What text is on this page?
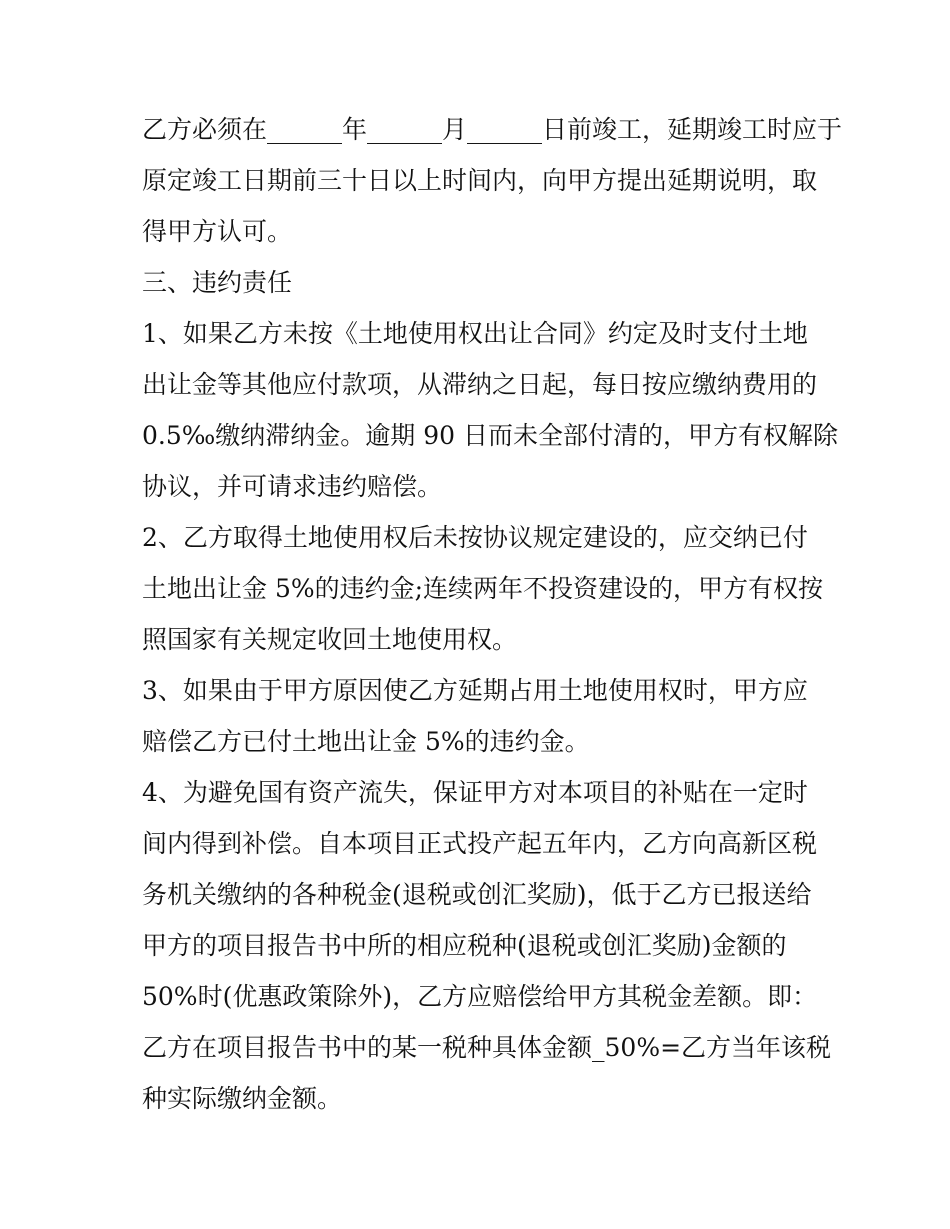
乙方必须在______年______月______日前竣工，延期竣工时应于
原定竣工日期前三十日以上时间内，向甲方提出延期说明，取
得甲方认可。
三、违约责任
1、如果乙方未按《土地使用权出让合同》约定及时支付土地
出让金等其他应付款项，从滞纳之日起，每日按应缴纳费用的
0.5‰缴纳滞纳金。逾期 90 日而未全部付清的，甲方有权解除
协议，并可请求违约赔偿。
2、乙方取得土地使用权后未按协议规定建设的，应交纳已付
土地出让金 5%的违约金;连续两年不投资建设的，甲方有权按
照国家有关规定收回土地使用权。
3、如果由于甲方原因使乙方延期占用土地使用权时，甲方应
赔偿乙方已付土地出让金 5%的违约金。
4、为避免国有资产流失，保证甲方对本项目的补贴在一定时
间内得到补偿。自本项目正式投产起五年内，乙方向高新区税
务机关缴纳的各种税金(退税或创汇奖励)，低于乙方已报送给
甲方的项目报告书中所的相应税种(退税或创汇奖励)金额的
50%时(优惠政策除外)，乙方应赔偿给甲方其税金差额。即：
乙方在项目报告书中的某一税种具体金额_50%=乙方当年该税
种实际缴纳金额。
